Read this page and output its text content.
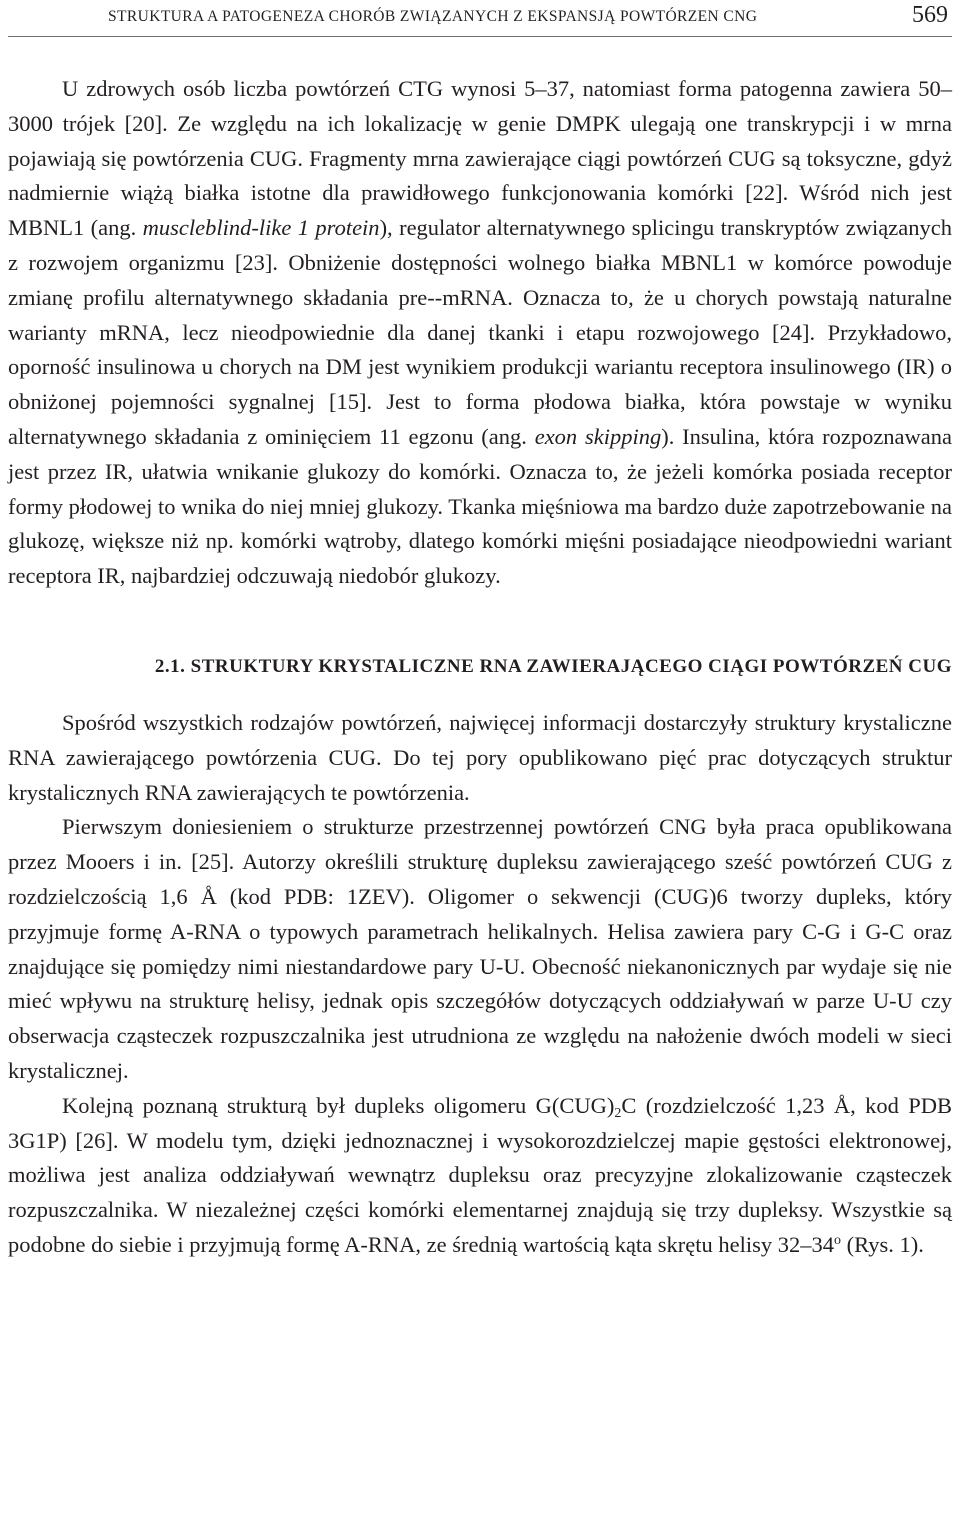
STRUKTURA A PATOGENEZA CHORÓB ZWIĄZANYCH Z EKSPANSJĄ POWTÓRZEN CNG	569

U zdrowych osób liczba powtórzeń CTG wynosi 5–37, natomiast forma patogenna zawiera 50–3000 trójek [20]. Ze względu na ich lokalizację w genie DMPK ulegają one transkrypcji i w mrna pojawiają się powtórzenia CUG. Fragmenty mrna zawierające ciągi powtórzeń CUG są toksyczne, gdyż nadmiernie wiążą białka istotne dla prawidłowego funkcjonowania komórki [22]. Wśród nich jest MBNL1 (ang. muscleblind-like 1 protein), regulator alternatywnego splicingu transkryptów związanych z rozwojem organizmu [23]. Obniżenie dostępności wolnego białka MBNL1 w komórce powoduje zmianę profilu alternatywnego składania pre--mRNA. Oznacza to, że u chorych powstają naturalne warianty mRNA, lecz nieodpowiednie dla danej tkanki i etapu rozwojowego [24]. Przykładowo, oporność insulinowa u chorych na DM jest wynikiem produkcji wariantu receptora insulinowego (IR) o obniżonej pojemności sygnalnej [15]. Jest to forma płodowa białka, która powstaje w wyniku alternatywnego składania z ominięciem 11 egzonu (ang. exon skipping). Insulina, która rozpoznawana jest przez IR, ułatwia wnikanie glukozy do komórki. Oznacza to, że jeżeli komórka posiada receptor formy płodowej to wnika do niej mniej glukozy. Tkanka mięśniowa ma bardzo duże zapotrzebowanie na glukozę, większe niż np. komórki wątroby, dlatego komórki mięśni posiadające nieodpowiedni wariant receptora IR, najbardziej odczuwają niedobór glukozy.

2.1. STRUKTURY KRYSTALICZNE RNA ZAWIERAJĄCEGO CIĄGI POWTÓRZEŃ CUG

Spośród wszystkich rodzajów powtórzeń, najwięcej informacji dostarczyły struktury krystaliczne RNA zawierającego powtórzenia CUG. Do tej pory opublikowano pięć prac dotyczących struktur krystalicznych RNA zawierających te powtórzenia.

Pierwszym doniesieniem o strukturze przestrzennej powtórzeń CNG była praca opublikowana przez Mooers i in. [25]. Autorzy określili strukturę dupleksu zawierającego sześć powtórzeń CUG z rozdzielczością 1,6 Å (kod PDB: 1ZEV). Oligomer o sekwencji (CUG)6 tworzy dupleks, który przyjmuje formę A-RNA o typowych parametrach helikalnych. Helisa zawiera pary C-G i G-C oraz znajdujące się pomiędzy nimi niestandardowe pary U-U. Obecność niekanonicznych par wydaje się nie mieć wpływu na strukturę helisy, jednak opis szczegółów dotyczących oddziaływań w parze U-U czy obserwacja cząsteczek rozpuszczalnika jest utrudniona ze względu na nałożenie dwóch modeli w sieci krystalicznej.

Kolejną poznaną strukturą był dupleks oligomeru $G(CUG)_2C$ (rozdzielczość 1,23 Å, kod PDB 3G1P) [26]. W modelu tym, dzięki jednoznacznej i wysokorozdzielczej mapie gęstości elektronowej, możliwa jest analiza oddziaływań wewnątrz dupleksu oraz precyzyjne zlokalizowanie cząsteczek rozpuszczalnika. W niezależnej części komórki elementarnej znajdują się trzy dupleksy. Wszystkie są podobne do siebie i przyjmują formę A-RNA, ze średnią wartością kąta skrętu helisy 32–34$^o$ (Rys. 1).
